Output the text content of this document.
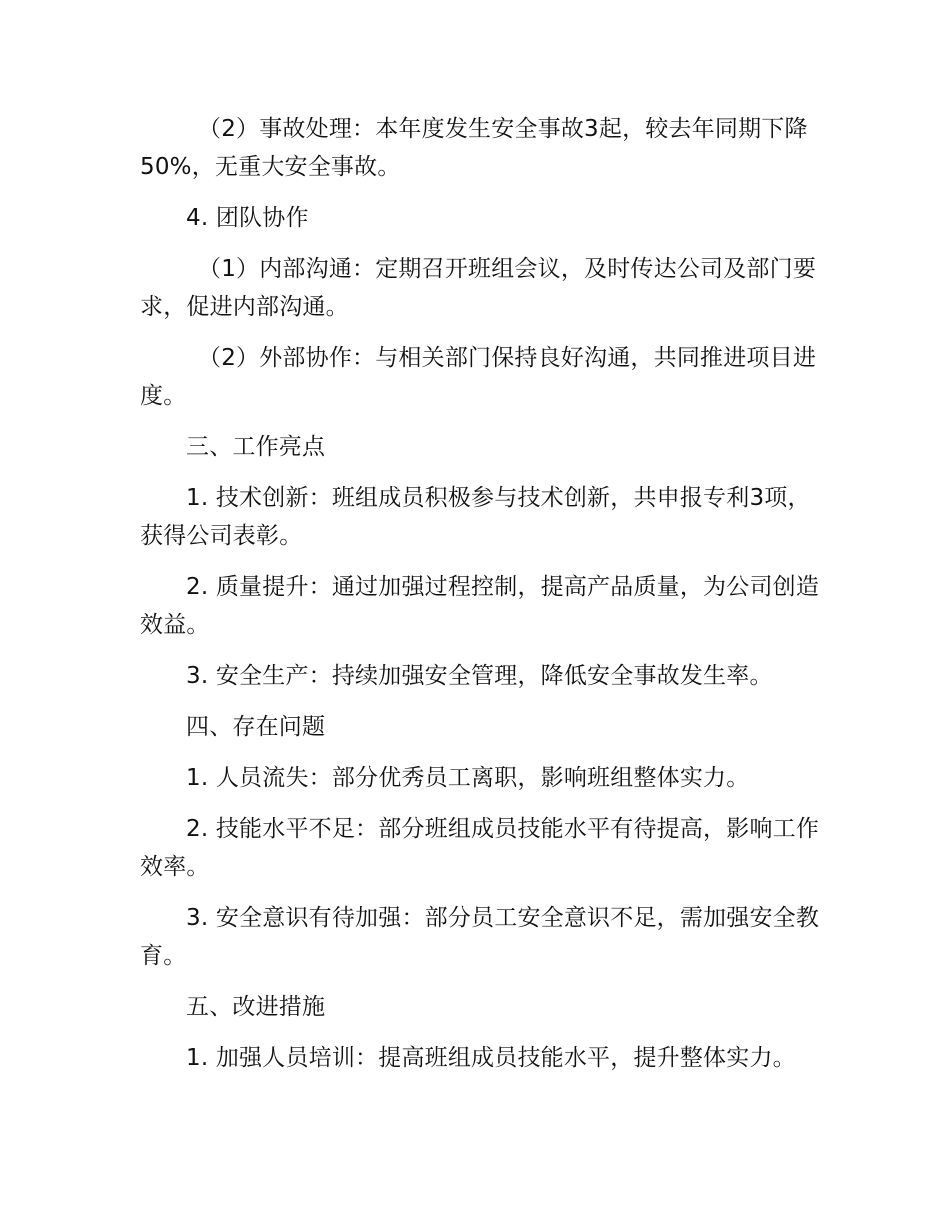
（2）事故处理：本年度发生安全事故3起，较去年同期下降50%，无重大安全事故。

4. 团队协作

（1）内部沟通：定期召开班组会议，及时传达公司及部门要求，促进内部沟通。

（2）外部协作：与相关部门保持良好沟通，共同推进项目进度。

三、工作亮点

1. 技术创新：班组成员积极参与技术创新，共申报专利3项，获得公司表彰。

2. 质量提升：通过加强过程控制，提高产品质量，为公司创造效益。

3. 安全生产：持续加强安全管理，降低安全事故发生率。

四、存在问题

1. 人员流失：部分优秀员工离职，影响班组整体实力。

2. 技能水平不足：部分班组成员技能水平有待提高，影响工作效率。

3. 安全意识有待加强：部分员工安全意识不足，需加强安全教育。

五、改进措施

1. 加强人员培训：提高班组成员技能水平，提升整体实力。
